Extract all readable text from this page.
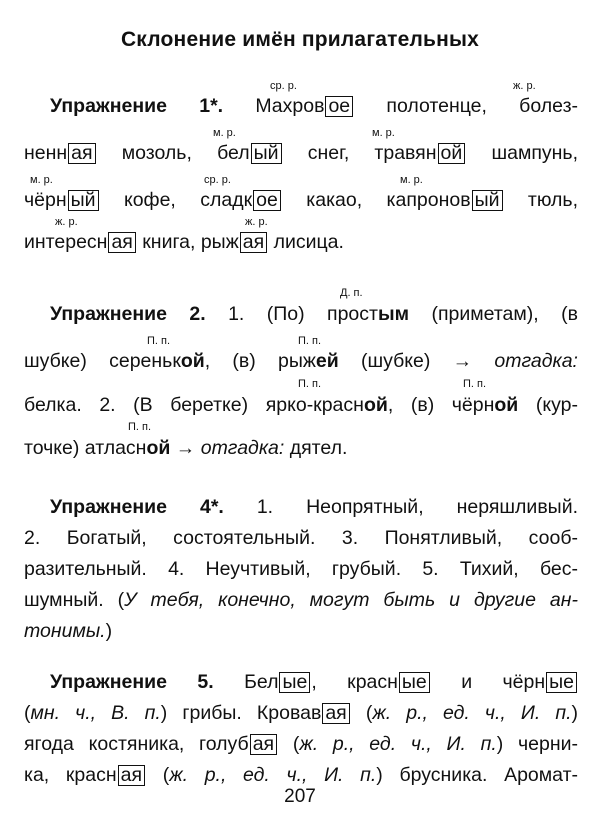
Склонение имён прилагательных
ср. р.	ж. р.
Упражнение 1*. Махров ое полотенце, болез-
м. р.	м. р.
ненн ая мозоль, бел ый снег, травян ой шампунь,
м. р.	ср. р.	м. р.
чёрн ый кофе, сладк ое какао, капронов ый тюль,
ж. р.	ж. р.
интересн ая книга, рыж ая лисица.
Д. п.
Упражнение 2. 1. (По) простым (приметам), (в
П. п.	П. п.
шубке) серенькой, (в) рыжей (шубке) → отгадка:
П. п.	П. п.
белка. 2. (В беретке) ярко-красной, (в) чёрной (кур-
П. п.
точке) атласной → отгадка: дятел.
Упражнение 4*. 1. Неопрятный, неряшливый.
2. Богатый, состоятельный. 3. Понятливый, сооб-
разительный. 4. Неучтивый, грубый. 5. Тихий, бес-
шумный. (У тебя, конечно, могут быть и другие ан-
тонимы.)
Упражнение 5. Бел ые , красн ые и чёрн ые
(мн. ч., В. п.) грибы. Кровав ая (ж. р., ед. ч., И. п.)
ягода костяника, голуб ая (ж. р., ед. ч., И. п.) черни-
ка, красн ая (ж. р., ед. ч., И. п.) брусника. Аромат-
207
